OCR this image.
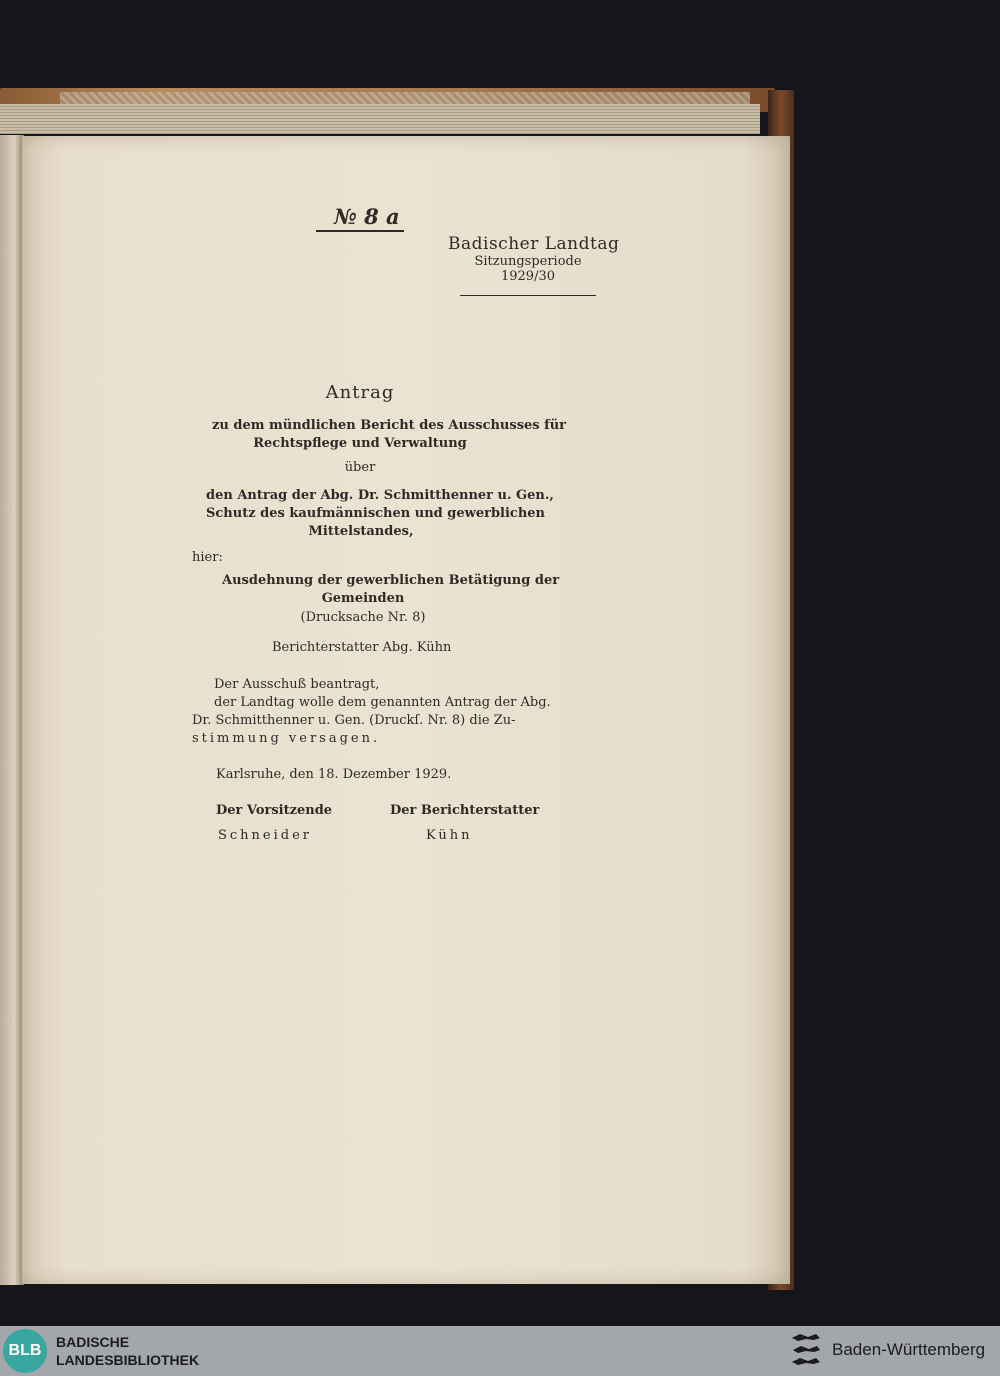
№ 8 a
Badischer Landtag
Sitzungsperiode
1929/30
Antrag
zu dem mündlichen Bericht des Ausschusses für
Rechtspflege und Verwaltung
über
den Antrag der Abg. Dr. Schmitthenner u. Gen.,
Schutz des kaufmännischen und gewerblichen
Mittelstandes,
hier:
Ausdehnung der gewerblichen Betätigung der
Gemeinden
(Drucksache Nr. 8)
Berichterstatter Abg. Kühn
Der Ausschuß beantragt,
der Landtag wolle dem genannten Antrag der Abg.
Dr. Schmitthenner u. Gen. (Druckſ. Nr. 8) die Zu-
stimmung versagen.
Karlsruhe, den 18. Dezember 1929.
Der Vorsitzende
Schneider
Der Berichterstatter
Kühn
BLB BADISCHE
LANDESBIBLIOTHEK
Baden-Württemberg
